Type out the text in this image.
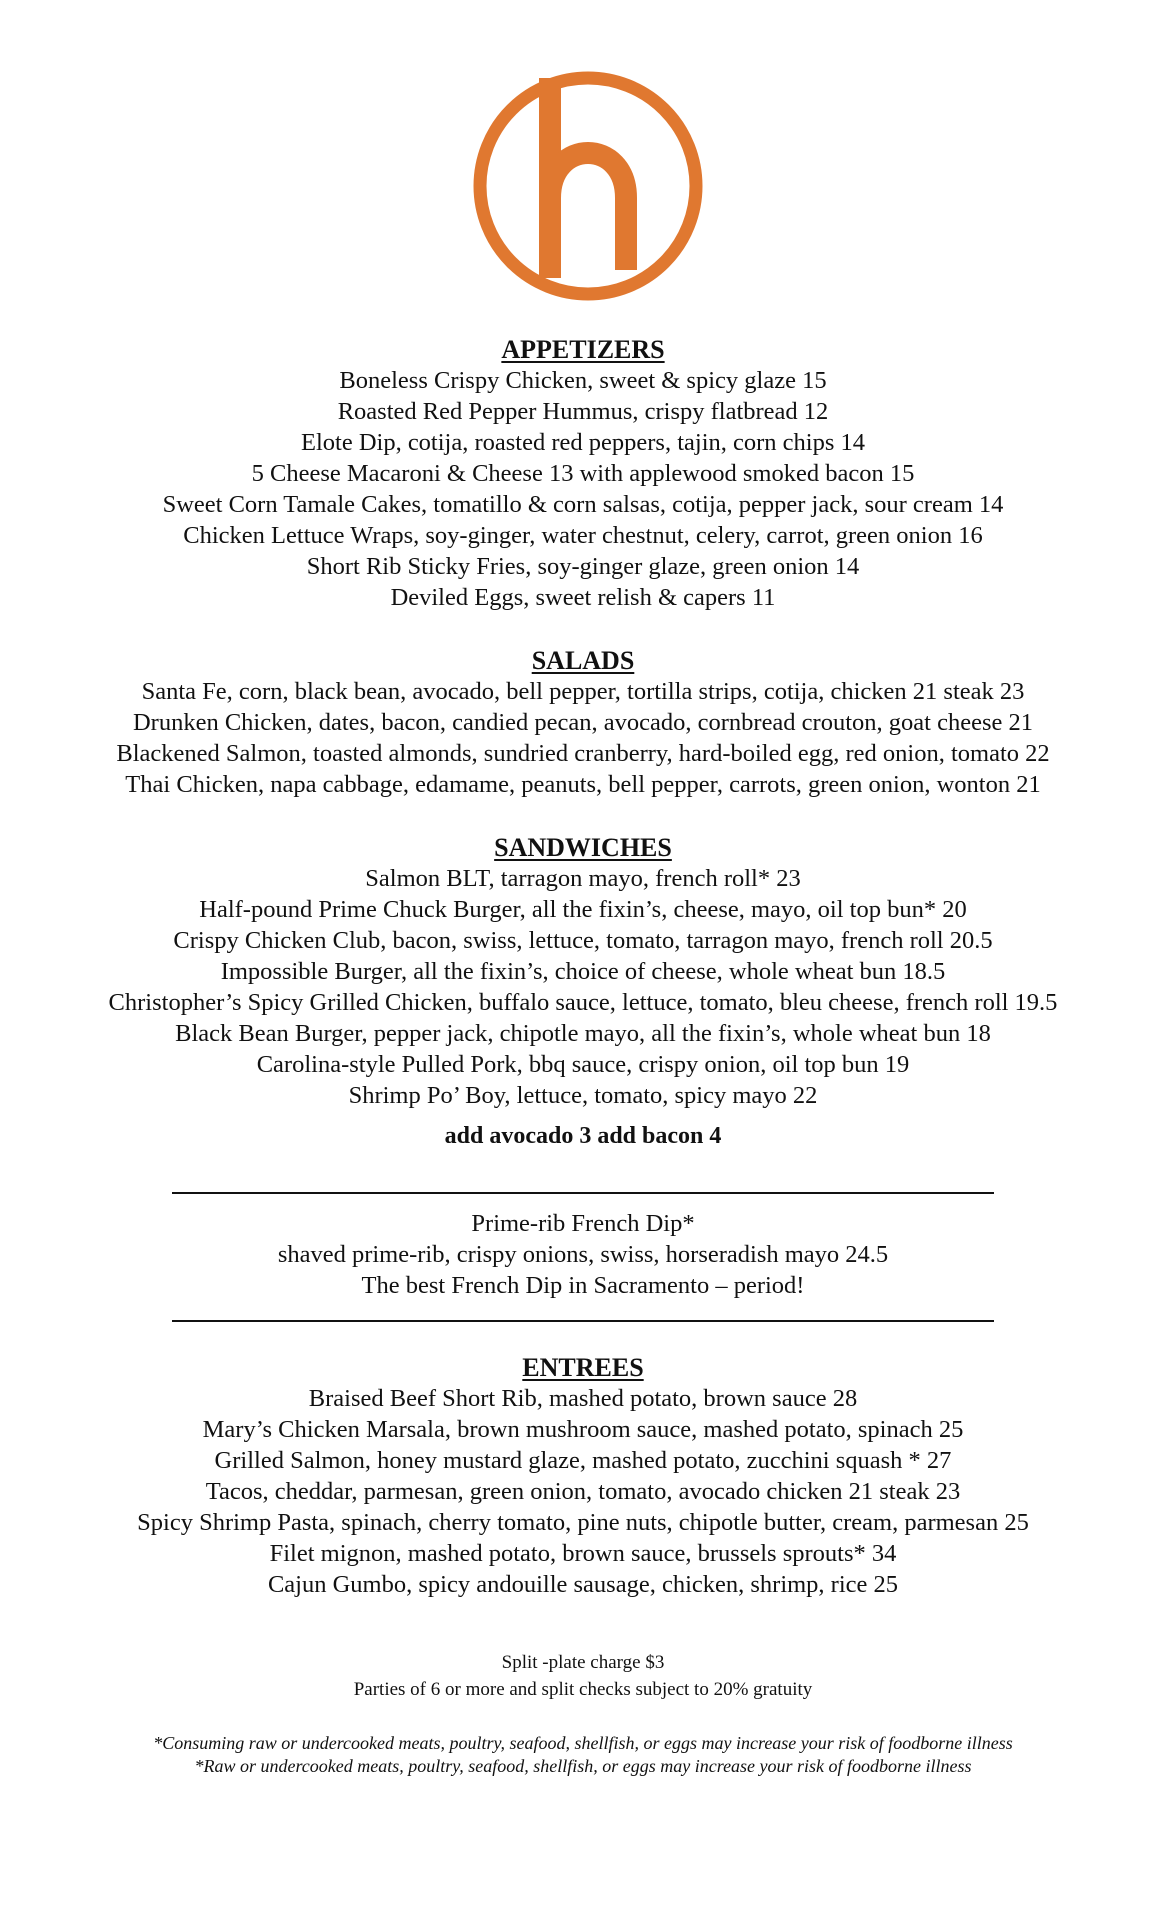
APPETIZERS
Boneless Crispy Chicken, sweet & spicy glaze 15
Roasted Red Pepper Hummus, crispy flatbread 12
Elote Dip, cotija, roasted red peppers, tajin, corn chips 14
5 Cheese Macaroni & Cheese 13 with applewood smoked bacon 15
Sweet Corn Tamale Cakes, tomatillo & corn salsas, cotija, pepper jack, sour cream 14
Chicken Lettuce Wraps, soy-ginger, water chestnut, celery, carrot, green onion 16
Short Rib Sticky Fries, soy-ginger glaze, green onion 14
Deviled Eggs, sweet relish & capers 11
SALADS
Santa Fe, corn, black bean, avocado, bell pepper, tortilla strips, cotija, chicken 21 steak 23
Drunken Chicken, dates, bacon, candied pecan, avocado, cornbread crouton, goat cheese 21
Blackened Salmon, toasted almonds, sundried cranberry, hard-boiled egg, red onion, tomato 22
Thai Chicken, napa cabbage, edamame, peanuts, bell pepper, carrots, green onion, wonton 21
SANDWICHES
Salmon BLT, tarragon mayo, french roll* 23
Half-pound Prime Chuck Burger, all the fixin’s, cheese, mayo, oil top bun* 20
Crispy Chicken Club, bacon, swiss, lettuce, tomato, tarragon mayo, french roll 20.5
Impossible Burger, all the fixin’s, choice of cheese, whole wheat bun 18.5
Christopher’s Spicy Grilled Chicken, buffalo sauce, lettuce, tomato, bleu cheese, french roll 19.5
Black Bean Burger, pepper jack, chipotle mayo, all the fixin’s, whole wheat bun 18
Carolina-style Pulled Pork, bbq sauce, crispy onion, oil top bun 19
Shrimp Po’ Boy, lettuce, tomato, spicy mayo 22
add avocado 3 add bacon 4
Prime-rib French Dip*
shaved prime-rib, crispy onions, swiss, horseradish mayo 24.5
The best French Dip in Sacramento – period!
ENTREES
Braised Beef Short Rib, mashed potato, brown sauce 28
Mary’s Chicken Marsala, brown mushroom sauce, mashed potato, spinach 25
Grilled Salmon, honey mustard glaze, mashed potato, zucchini squash * 27
Tacos, cheddar, parmesan, green onion, tomato, avocado chicken 21 steak 23
Spicy Shrimp Pasta, spinach, cherry tomato, pine nuts, chipotle butter, cream, parmesan 25
Filet mignon, mashed potato, brown sauce, brussels sprouts* 34
Cajun Gumbo, spicy andouille sausage, chicken, shrimp, rice 25
Split -plate charge $3
Parties of 6 or more and split checks subject to 20% gratuity
*Consuming raw or undercooked meats, poultry, seafood, shellfish, or eggs may increase your risk of foodborne illness
*Raw or undercooked meats, poultry, seafood, shellfish, or eggs may increase your risk of foodborne illness
